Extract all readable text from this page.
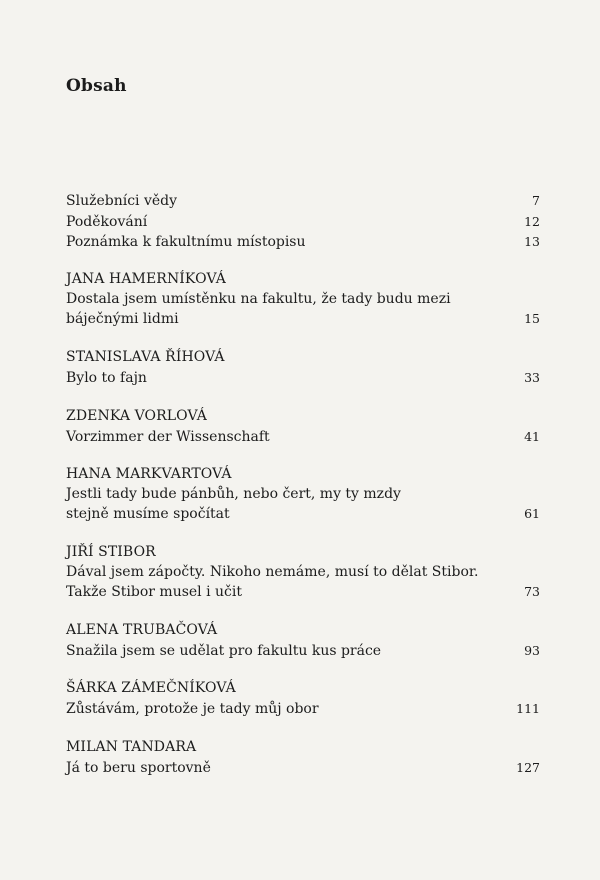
Obsah
Služebníci vědy	7
Poděkování	12
Poznámka k fakultnímu místopisu	13
JANA HAMERNÍKOVÁ
Dostala jsem umístěnku na fakultu, že tady budu mezi
báječnými lidmi	15
STANISLAVA ŘÍHOVÁ
Bylo to fajn	33
ZDENKA VORLOVÁ
Vorzimmer der Wissenschaft	41
HANA MARKVARTOVÁ
Jestli tady bude pánbůh, nebo čert, my ty mzdy
stejně musíme spočítat	61
JIŘÍ STIBOR
Dával jsem zápočty. Nikoho nemáme, musí to dělat Stibor.
Takže Stibor musel i učit	73
ALENA TRUBAČOVÁ
Snažila jsem se udělat pro fakultu kus práce	93
ŠÁRKA ZÁMEČNÍKOVÁ
Zůstávám, protože je tady můj obor	111
MILAN TANDARA
Já to beru sportovně	127
